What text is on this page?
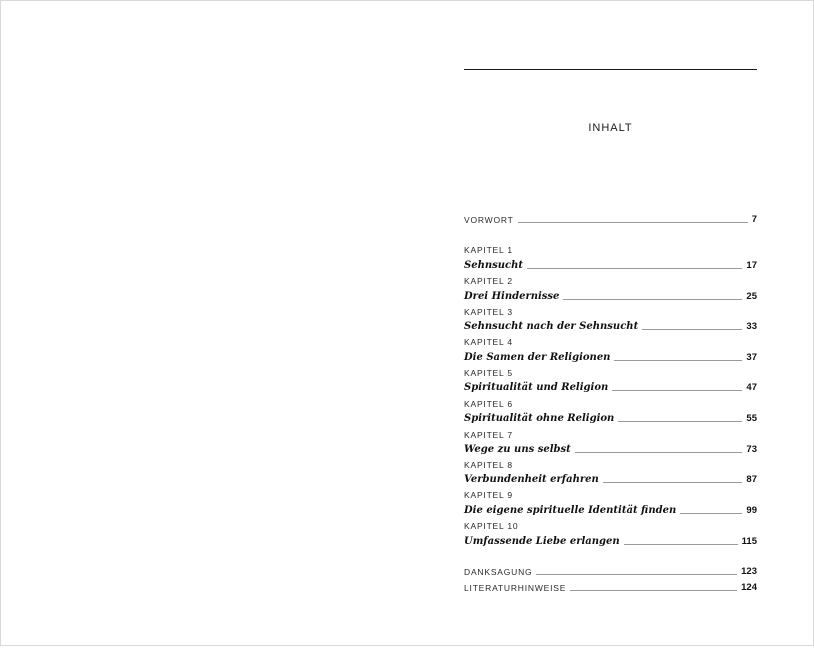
INHALT
VORWORT	7
KAPITEL 1
Sehnsucht	17
KAPITEL 2
Drei Hindernisse	25
KAPITEL 3
Sehnsucht nach der Sehnsucht	33
KAPITEL 4
Die Samen der Religionen	37
KAPITEL 5
Spiritualität und Religion	47
KAPITEL 6
Spiritualität ohne Religion	55
KAPITEL 7
Wege zu uns selbst	73
KAPITEL 8
Verbundenheit erfahren	87
KAPITEL 9
Die eigene spirituelle Identität finden	99
KAPITEL 10
Umfassende Liebe erlangen	115
DANKSAGUNG	123
LITERATURHINWEISE	124
